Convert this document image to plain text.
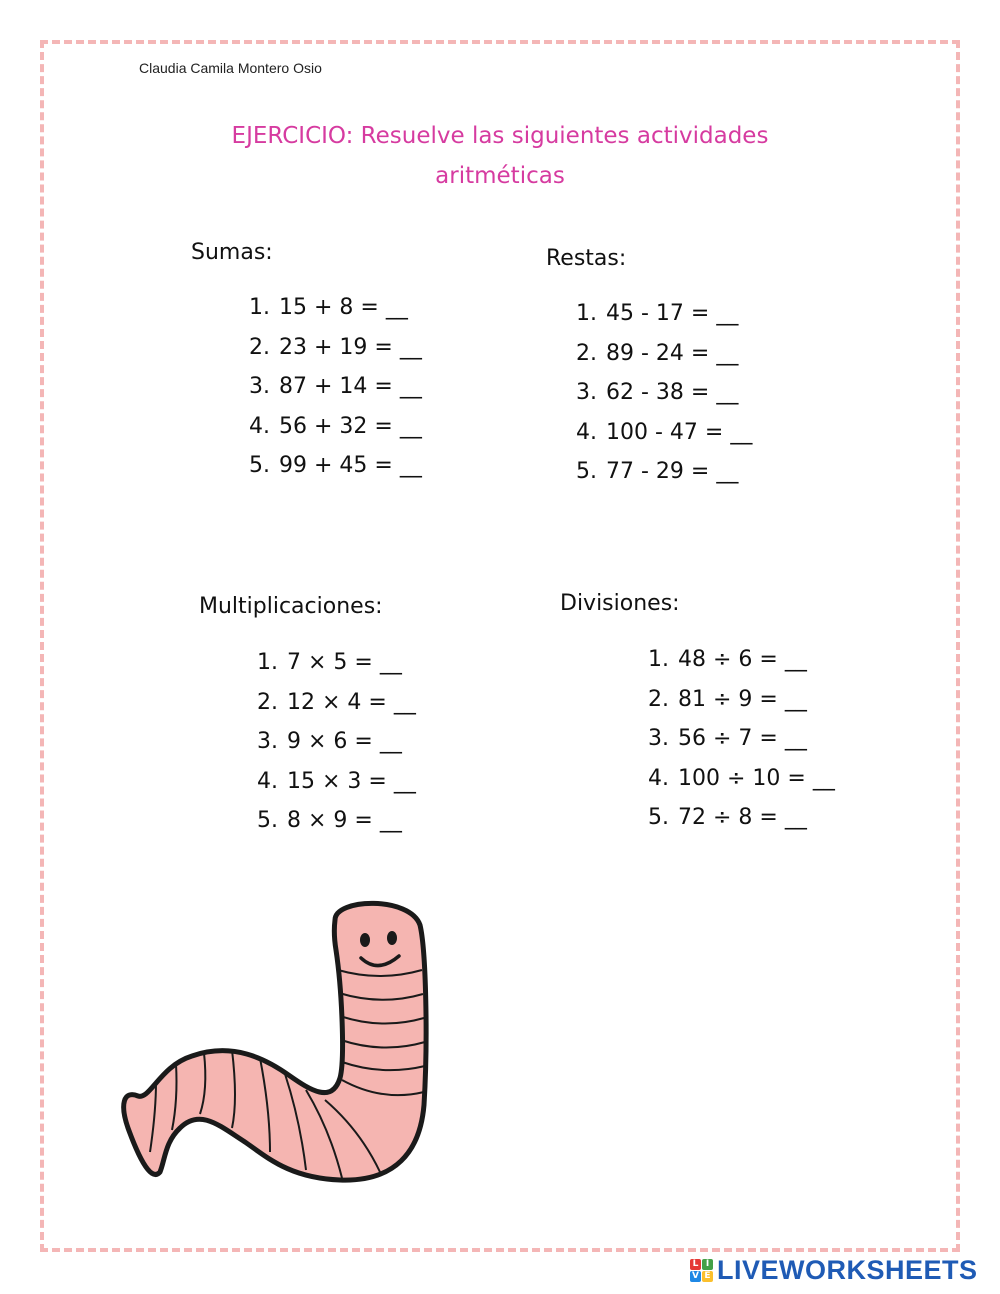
Claudia Camila Montero Osio
EJERCICIO: Resuelve las siguientes actividades
aritméticas
Sumas:
1. 15 + 8 = __
2. 23 + 19 = __
3. 87 + 14 = __
4. 56 + 32 = __
5. 99 + 45 = __
Restas:
1. 45 - 17 = __
2. 89 - 24 = __
3. 62 - 38 = __
4. 100 - 47 = __
5. 77 - 29 = __
Multiplicaciones:
1. 7 × 5 = __
2. 12 × 4 = __
3. 9 × 6 = __
4. 15 × 3 = __
5. 8 × 9 = __
Divisiones:
1. 48 ÷ 6 = __
2. 81 ÷ 9 = __
3. 56 ÷ 7 = __
4. 100 ÷ 10 = __
5. 72 ÷ 8 = __
L I
V E LIVEWORKSHEETS
